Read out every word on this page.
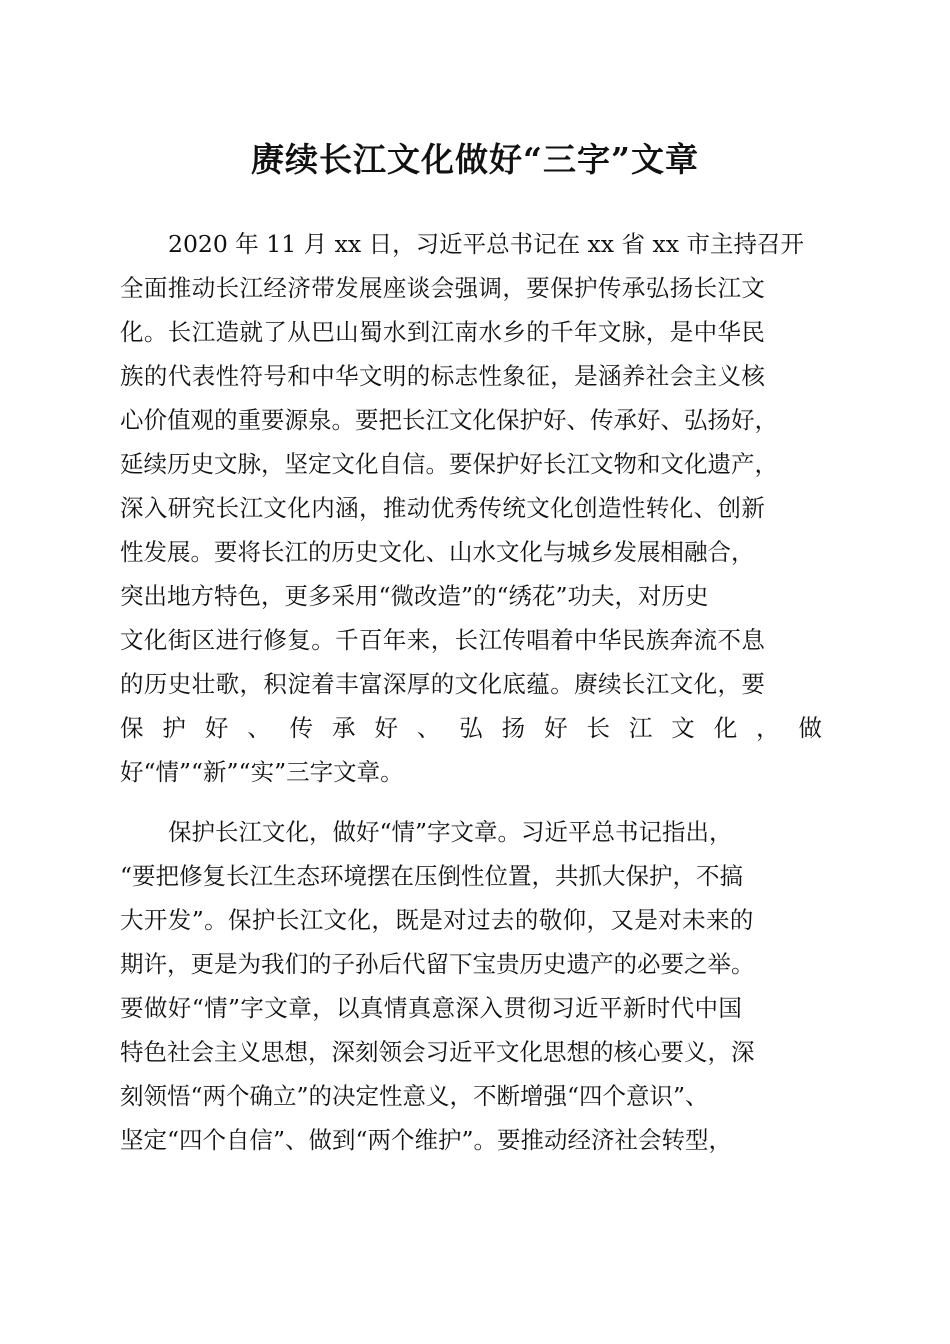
赓续长江文化做好“三字”文章

2020 年 11 月 xx 日，习近平总书记在 xx 省 xx 市主持召开

全面推动长江经济带发展座谈会强调，要保护传承弘扬长江文

化。长江造就了从巴山蜀水到江南水乡的千年文脉，是中华民

族的代表性符号和中华文明的标志性象征，是涵养社会主义核

心价值观的重要源泉。要把长江文化保护好、传承好、弘扬好，

延续历史文脉，坚定文化自信。要保护好长江文物和文化遗产，

深入研究长江文化内涵，推动优秀传统文化创造性转化、创新

性发展。要将长江的历史文化、山水文化与城乡发展相融合，

突出地方特色，更多采用“微改造”的“绣花”功夫，对历史

文化街区进行修复。千百年来，长江传唱着中华民族奔流不息

的历史壮歌，积淀着丰富深厚的文化底蕴。赓续长江文化，要

保 护 好 、 传 承 好 、 弘 扬 好 长 江 文 化 ， 做

好“情”“新”“实”三字文章。

保护长江文化，做好“情”字文章。习近平总书记指出，

“要把修复长江生态环境摆在压倒性位置，共抓大保护，不搞

大开发”。保护长江文化，既是对过去的敬仰，又是对未来的

期许，更是为我们的子孙后代留下宝贵历史遗产的必要之举。

要做好“情”字文章，以真情真意深入贯彻习近平新时代中国

特色社会主义思想，深刻领会习近平文化思想的核心要义，深

刻领悟“两个确立”的决定性意义，不断增强“四个意识”、

坚定“四个自信”、做到“两个维护”。要推动经济社会转型，
